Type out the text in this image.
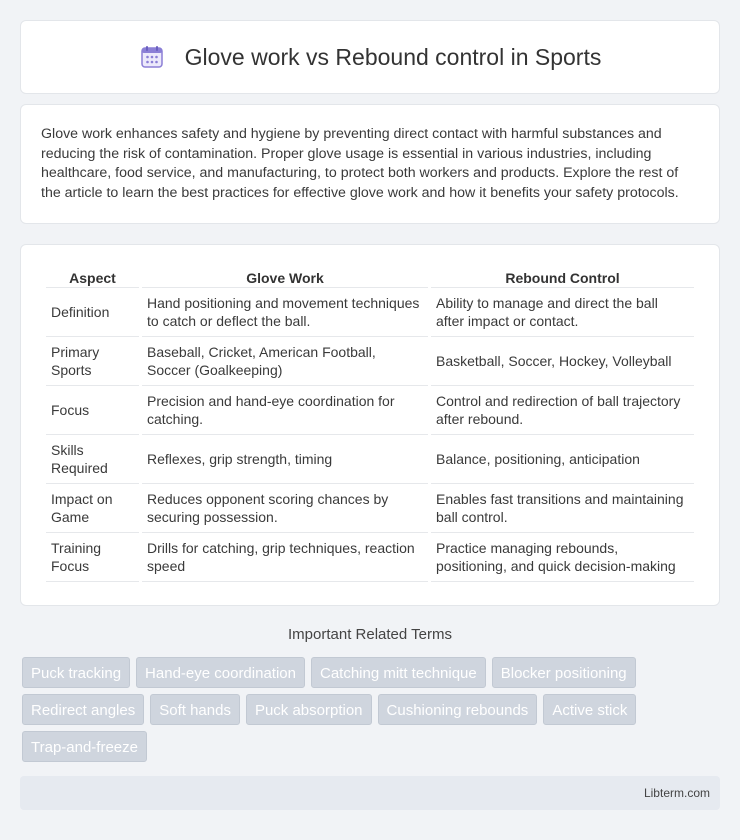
Glove work vs Rebound control in Sports

Glove work enhances safety and hygiene by preventing direct contact with harmful substances and reducing the risk of contamination. Proper glove usage is essential in various industries, including healthcare, food service, and manufacturing, to protect both workers and products. Explore the rest of the article to learn the best practices for effective glove work and how it benefits your safety protocols.

Aspect	Glove Work	Rebound Control
Definition	Hand positioning and movement techniques to catch or deflect the ball.	Ability to manage and direct the ball after impact or contact.
Primary Sports	Baseball, Cricket, American Football, Soccer (Goalkeeping)	Basketball, Soccer, Hockey, Volleyball
Focus	Precision and hand-eye coordination for catching.	Control and redirection of ball trajectory after rebound.
Skills Required	Reflexes, grip strength, timing	Balance, positioning, anticipation
Impact on Game	Reduces opponent scoring chances by securing possession.	Enables fast transitions and maintaining ball control.
Training Focus	Drills for catching, grip techniques, reaction speed	Practice managing rebounds, positioning, and quick decision-making
Important Related Terms
Puck tracking	Hand-eye coordination	Catching mitt technique	Blocker positioning
Redirect angles	Soft hands	Puck absorption	Cushioning rebounds	Active stick
Trap-and-freeze
Libterm.com
